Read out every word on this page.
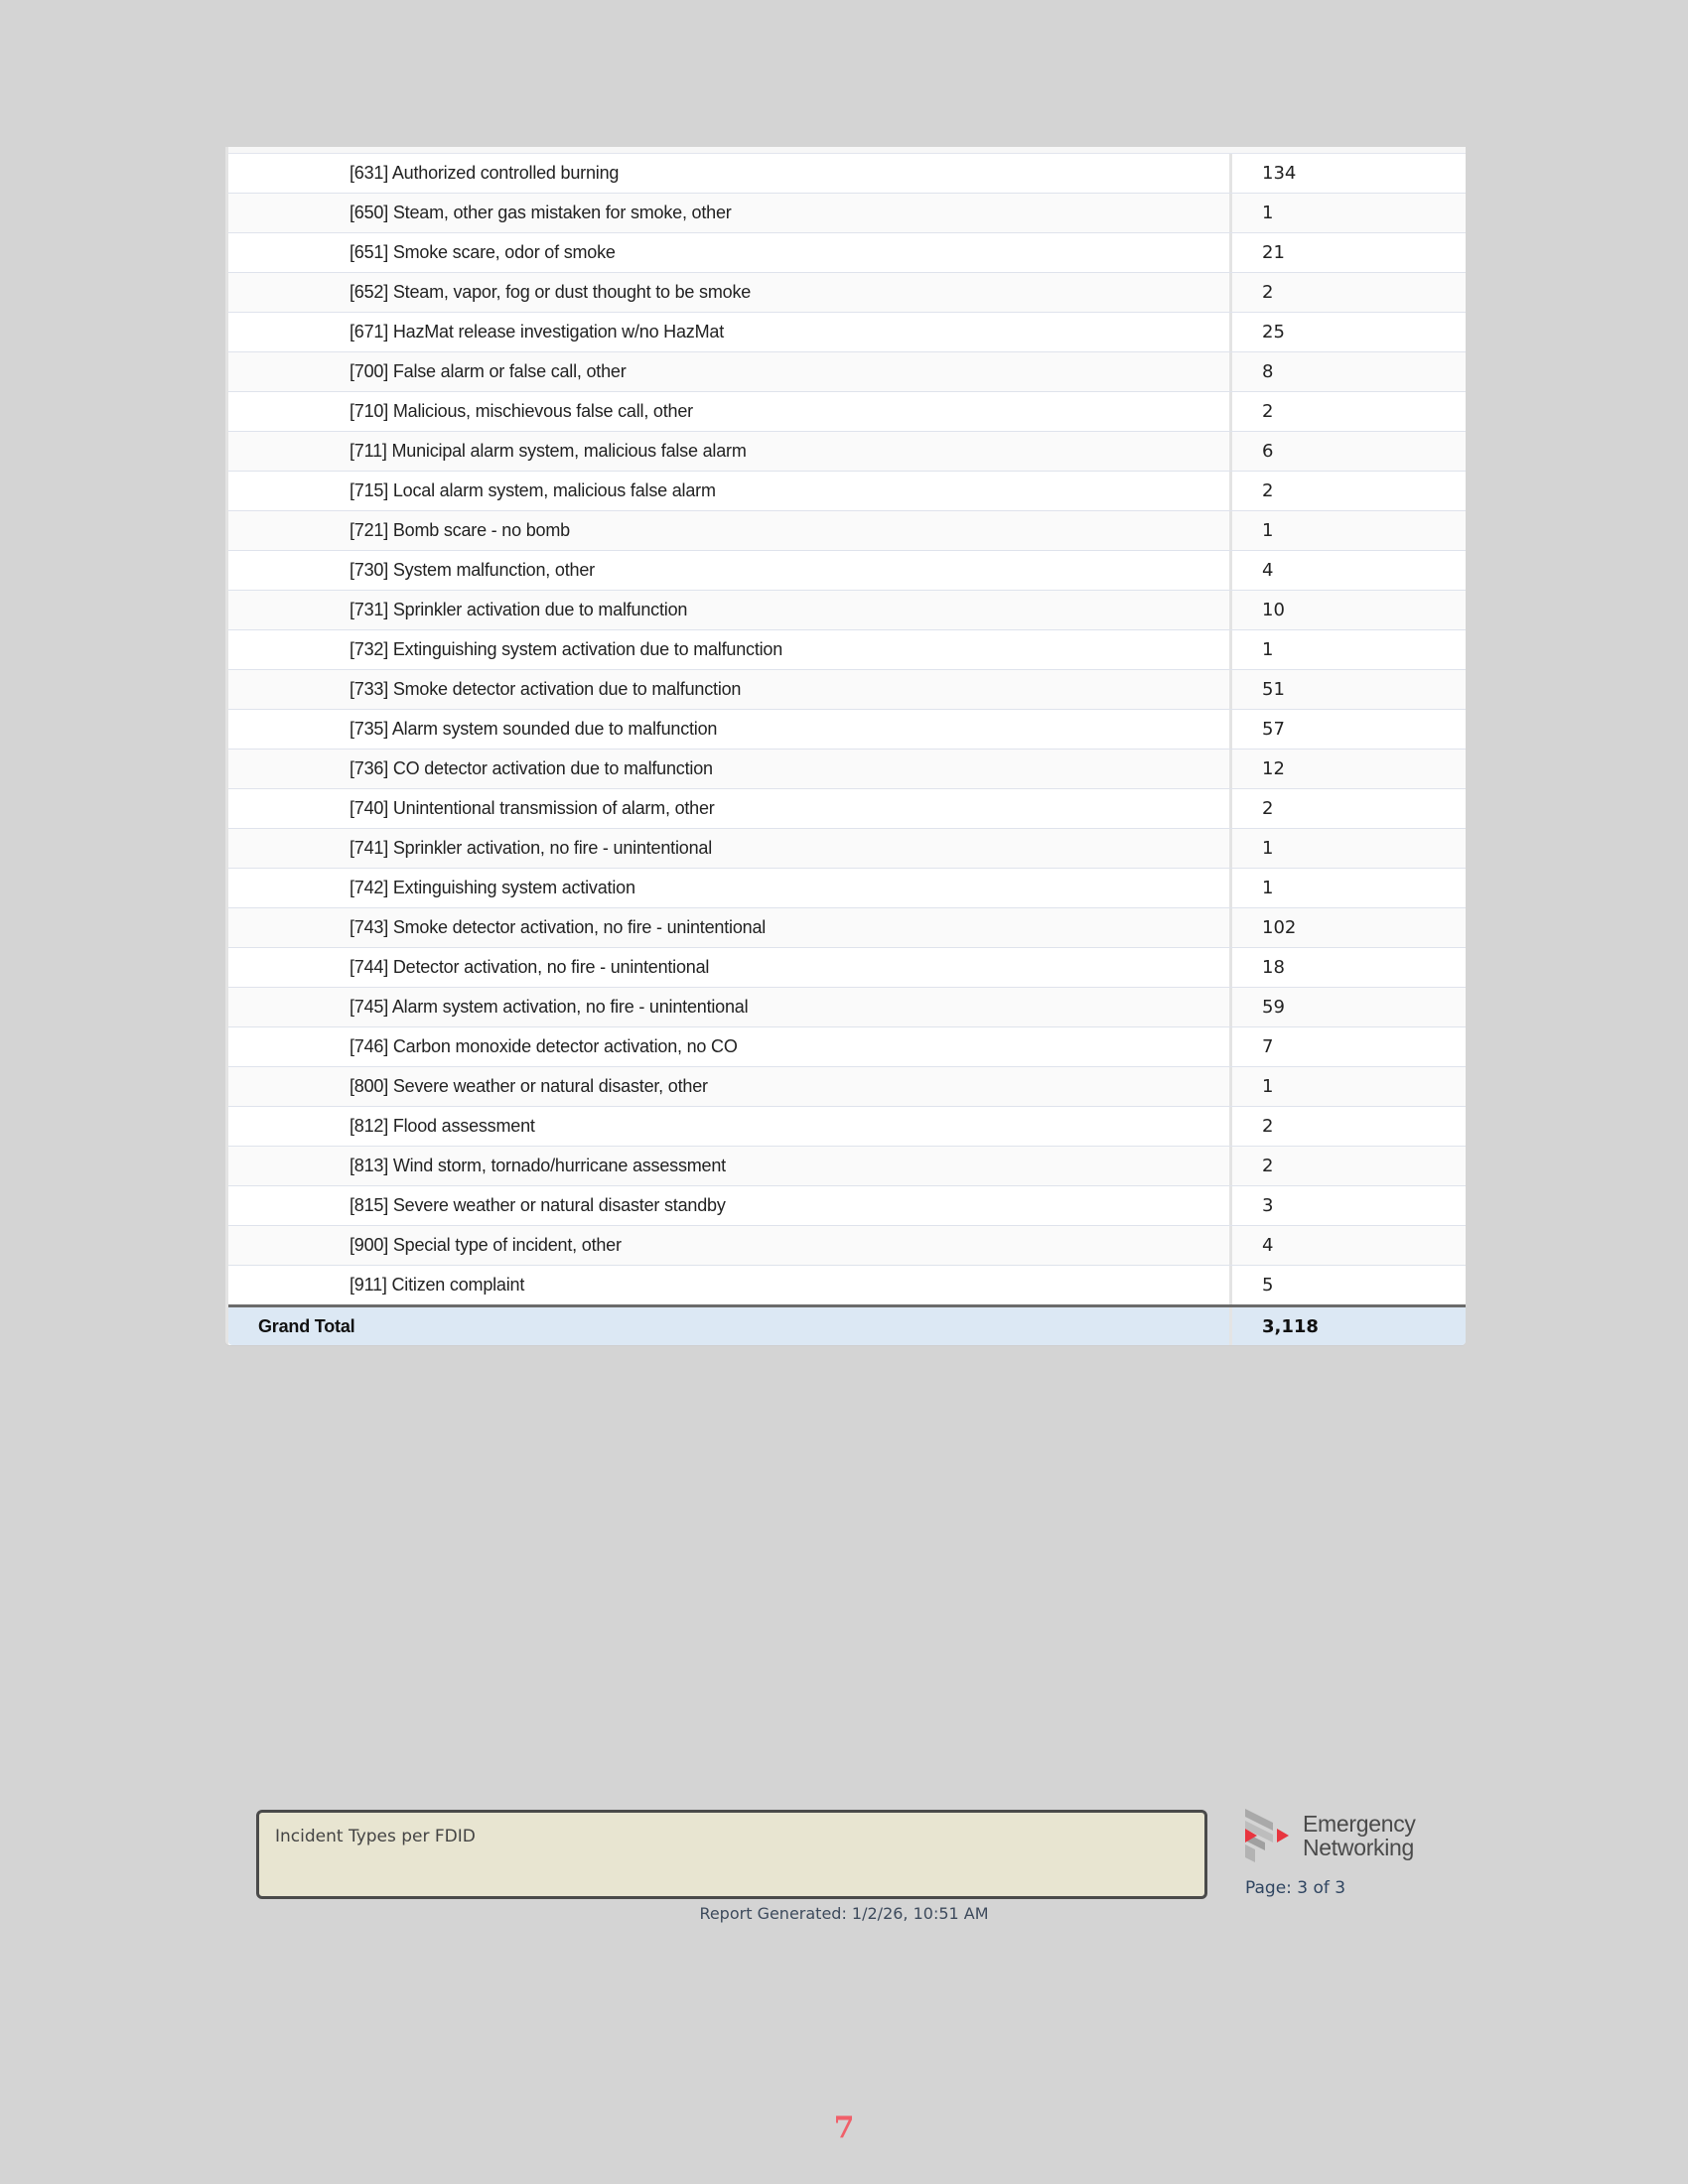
[631] Authorized controlled burning	134
[650] Steam, other gas mistaken for smoke, other	1
[651] Smoke scare, odor of smoke	21
[652] Steam, vapor, fog or dust thought to be smoke	2
[671] HazMat release investigation w/no HazMat	25
[700] False alarm or false call, other	8
[710] Malicious, mischievous false call, other	2
[711] Municipal alarm system, malicious false alarm	6
[715] Local alarm system, malicious false alarm	2
[721] Bomb scare - no bomb	1
[730] System malfunction, other	4
[731] Sprinkler activation due to malfunction	10
[732] Extinguishing system activation due to malfunction	1
[733] Smoke detector activation due to malfunction	51
[735] Alarm system sounded due to malfunction	57
[736] CO detector activation due to malfunction	12
[740] Unintentional transmission of alarm, other	2
[741] Sprinkler activation, no fire - unintentional	1
[742] Extinguishing system activation	1
[743] Smoke detector activation, no fire - unintentional	102
[744] Detector activation, no fire - unintentional	18
[745] Alarm system activation, no fire - unintentional	59
[746] Carbon monoxide detector activation, no CO	7
[800] Severe weather or natural disaster, other	1
[812] Flood assessment	2
[813] Wind storm, tornado/hurricane assessment	2
[815] Severe weather or natural disaster standby	3
[900] Special type of incident, other	4
[911] Citizen complaint	5
Grand Total	3,118
Incident Types per FDID
Report Generated: 1/2/26, 10:51 AM
Emergency
Networking
Page: 3 of 3
7
